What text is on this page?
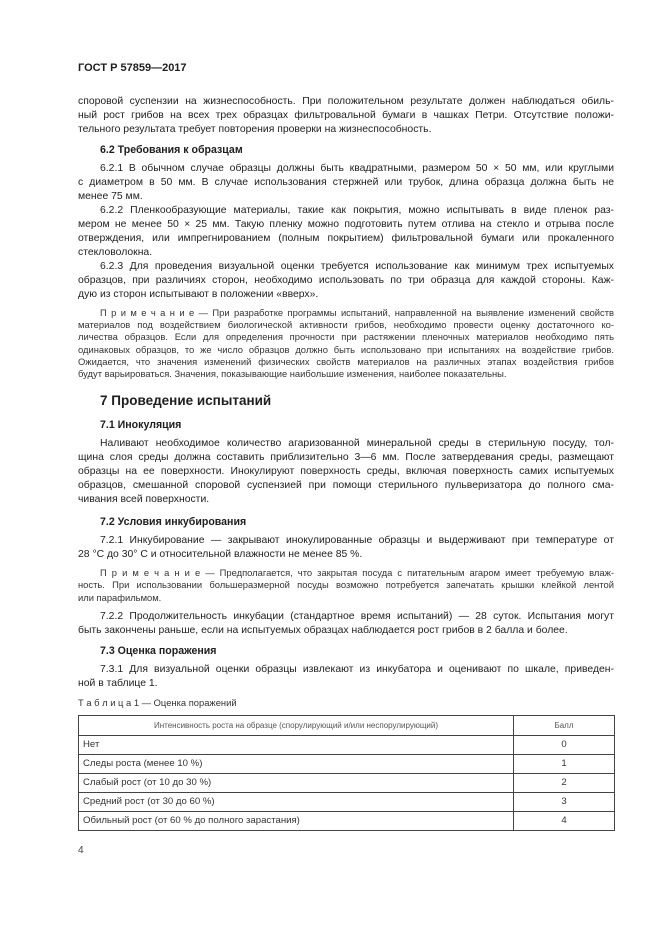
ГОСТ Р 57859—2017
споровой суспензии на жизнеспособность. При положительном результате должен наблюдаться обиль-
ный рост грибов на всех трех образцах фильтровальной бумаги в чашках Петри. Отсутствие положи-
тельного результата требует повторения проверки на жизнеспособность.
6.2 Требования к образцам
6.2.1 В обычном случае образцы должны быть квадратными, размером 50 × 50 мм, или круглыми
с диаметром в 50 мм. В случае использования стержней или трубок, длина образца должна быть не
менее 75 мм.
6.2.2 Пленкообразующие материалы, такие как покрытия, можно испытывать в виде пленок раз-
мером не менее 50 × 25 мм. Такую пленку можно подготовить путем отлива на стекло и отрыва после
отверждения, или импрегнированием (полным покрытием) фильтровальной бумаги или прокаленного
стекловолокна.
6.2.3 Для проведения визуальной оценки требуется использование как минимум трех испытуемых
образцов, при различиях сторон, необходимо использовать по три образца для каждой стороны. Каж-
дую из сторон испытывают в положении «вверх».
П р и м е ч а н и е — При разработке программы испытаний, направленной на выявление изменений свойств
материалов под воздействием биологической активности грибов, необходимо провести оценку достаточного ко-
личества образцов. Если для определения прочности при растяжении пленочных материалов необходимо пять
одинаковых образцов, то же число образцов должно быть использовано при испытаниях на воздействие грибов.
Ожидается, что значения изменений физических свойств материалов на различных этапах воздействия грибов
будут варьироваться. Значения, показывающие наибольшие изменения, наиболее показательны.
7 Проведение испытаний
7.1 Инокуляция
Наливают необходимое количество агаризованной минеральной среды в стерильную посуду, тол-
щина слоя среды должна составить приблизительно 3—6 мм. После затвердевания среды, размещают
образцы на ее поверхности. Инокулируют поверхность среды, включая поверхность самих испытуемых
образцов, смешанной споровой суспензией при помощи стерильного пульверизатора до полного сма-
чивания всей поверхности.
7.2 Условия инкубирования
7.2.1 Инкубирование — закрывают инокулированные образцы и выдерживают при температуре от
28 °С до 30° С и относительной влажности не менее 85 %.
П р и м е ч а н и е — Предполагается, что закрытая посуда с питательным агаром имеет требуемую влаж-
ность. При использовании большеразмерной посуды возможно потребуется запечатать крышки клейкой лентой
или парафильмом.
7.2.2 Продолжительность инкубации (стандартное время испытаний) — 28 суток. Испытания могут
быть закончены раньше, если на испытуемых образцах наблюдается рост грибов в 2 балла и более.
7.3 Оценка поражения
7.3.1 Для визуальной оценки образцы извлекают из инкубатора и оценивают по шкале, приведен-
ной в таблице 1.
Т а б л и ц а 1 — Оценка поражений
Интенсивность роста на образце (спорулирующий и/или неспорулирующий)	Балл
Нет	0
Следы роста (менее 10 %)	1
Слабый рост (от 10 до 30 %)	2
Средний рост (от 30 до 60 %)	3
Обильный рост (от 60 % до полного зарастания)	4
4
